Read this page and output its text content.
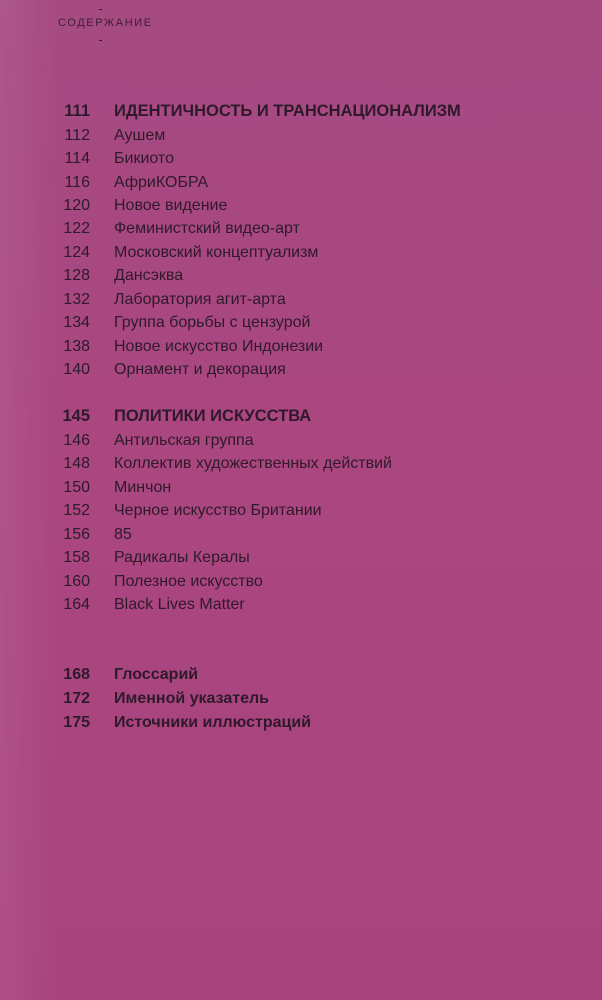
СОДЕРЖАНИЕ
111 ИДЕНТИЧНОСТЬ И ТРАНСНАЦИОНАЛИЗМ
112 Аушем
114 Бикиото
116 АфриКОБРА
120 Новое видение
122 Феминистский видео-арт
124 Московский концептуализм
128 Дансэква
132 Лаборатория агит-арта
134 Группа борьбы с цензурой
138 Новое искусство Индонезии
140 Орнамент и декорация
145 ПОЛИТИКИ ИСКУССТВА
146 Антильская группа
148 Коллектив художественных действий
150 Минчон
152 Черное искусство Британии
156 85
158 Радикалы Кералы
160 Полезное искусство
164 Black Lives Matter
168 Глоссарий
172 Именной указатель
175 Источники иллюстраций
